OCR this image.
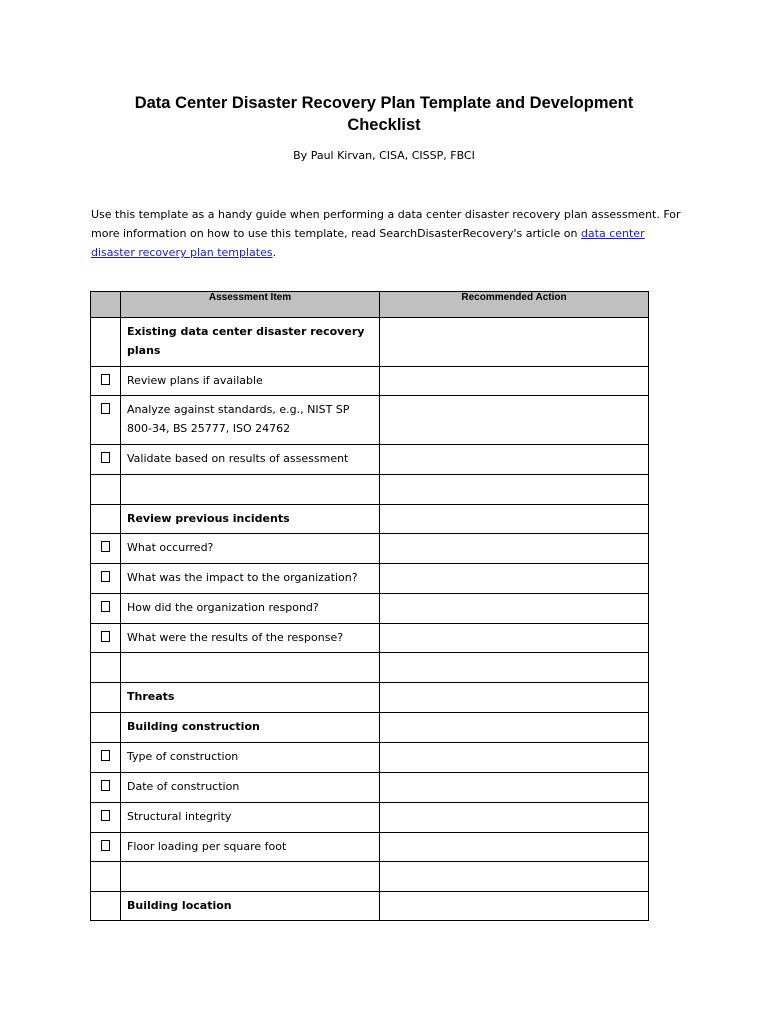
Data Center Disaster Recovery Plan Template and Development
Checklist
By Paul Kirvan, CISA, CISSP, FBCI
Use this template as a handy guide when performing a data center disaster recovery plan assessment. For more information on how to use this template, read SearchDisasterRecovery's article on data center disaster recovery plan templates.
	Assessment Item	Recommended Action
	Existing data center disaster recovery plans	
	Review plans if available	
	Analyze against standards, e.g., NIST SP 800-34, BS 25777, ISO 24762	
	Validate based on results of assessment	

	Review previous incidents	
	What occurred?	
	What was the impact to the organization?	
	How did the organization respond?	
	What were the results of the response?	

	Threats	
	Building construction	
	Type of construction	
	Date of construction	
	Structural integrity	
	Floor loading per square foot	

	Building location	
